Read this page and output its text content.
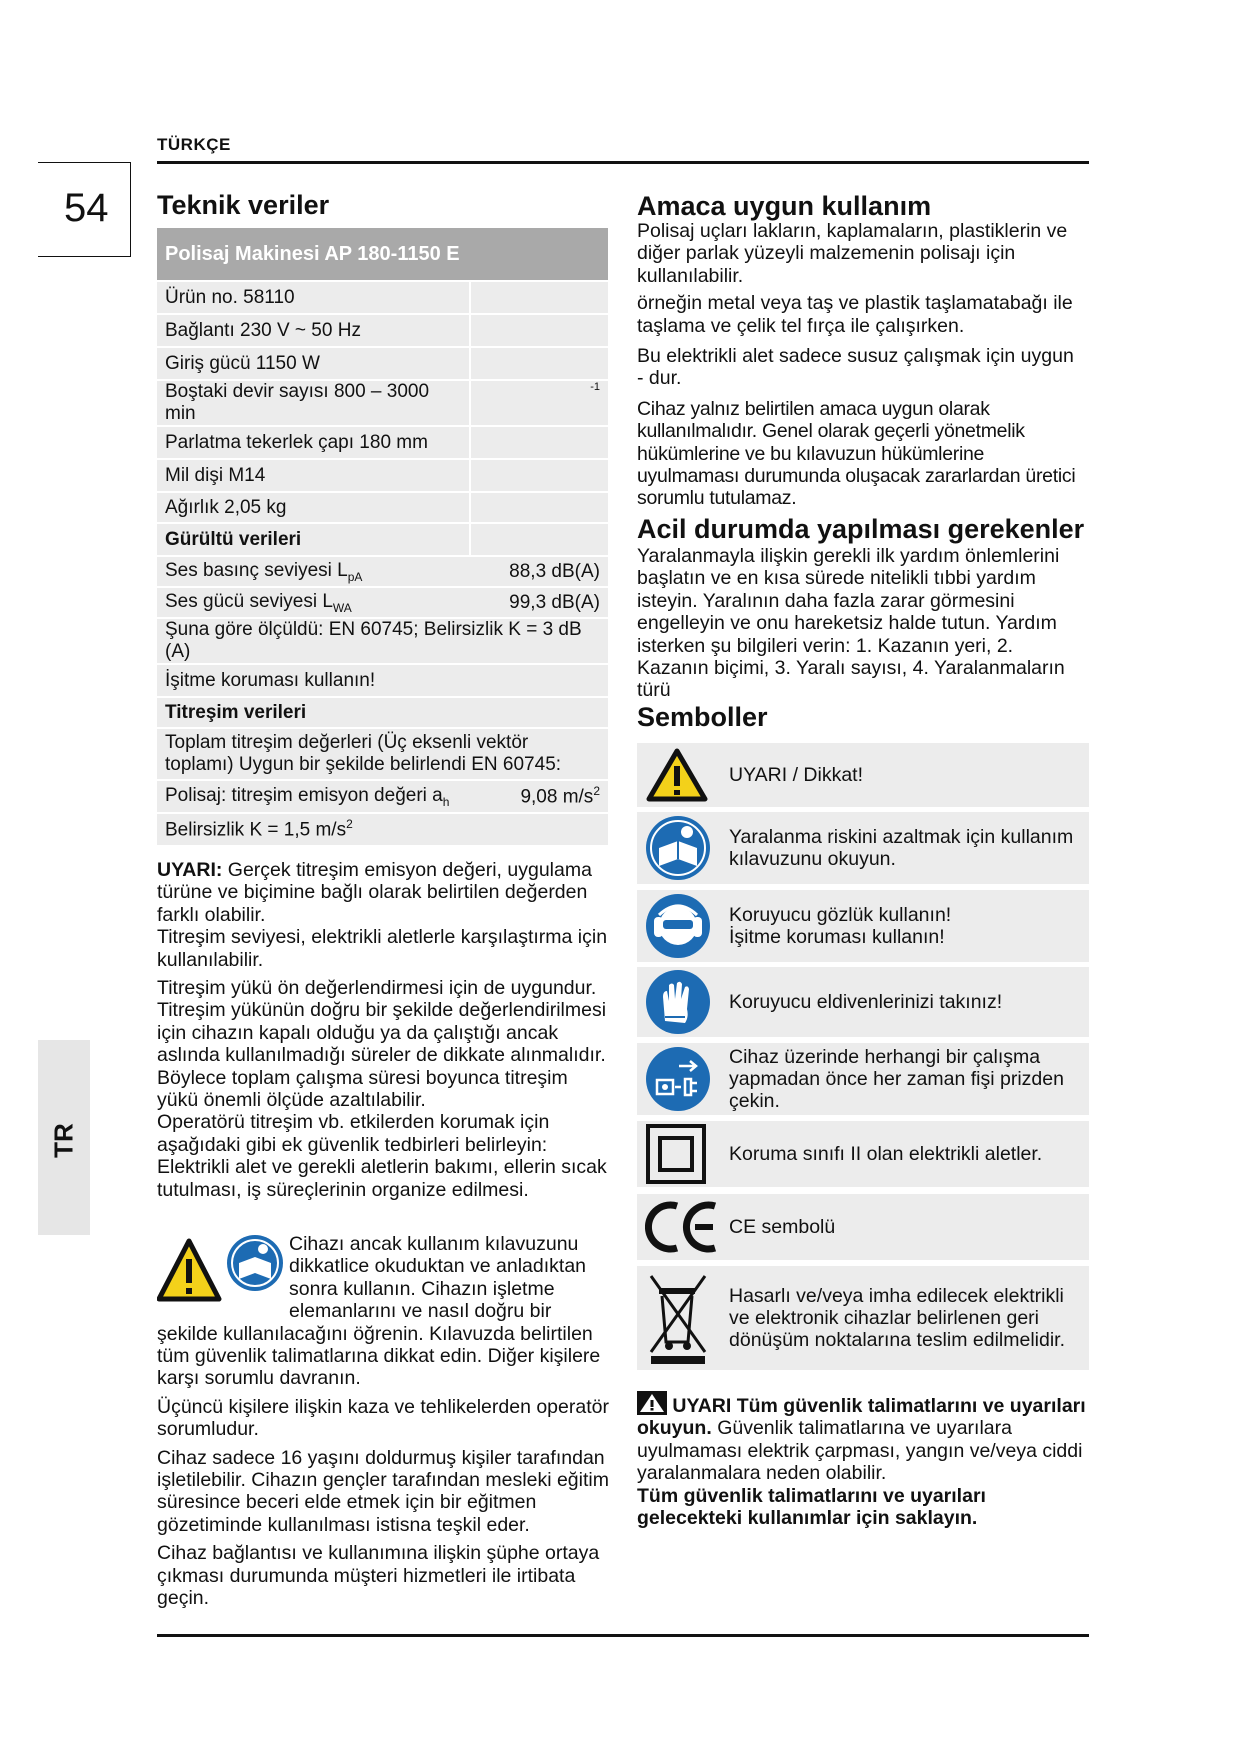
TÜRKÇE
54
TR
Teknik veriler
Polisaj Makinesi AP 180-1150 E	
Ürün no. 58110	
Bağlantı 230 V ~ 50 Hz	
Giriş gücü 1150 W	
Boştaki devir sayısı 800 – 3000 min	-1
Parlatma tekerlek çapı 180 mm	
Mil dişi M14	
Ağırlık 2,05 kg	
Gürültü verileri	
Ses basınç seviyesi $L_{pA}$	88,3 dB(A)
Ses gücü seviyesi $L_{WA}$	99,3 dB(A)
Şuna göre ölçüldü: EN 60745; Belirsizlik K = 3 dB (A)	
İşitme koruması kullanın!	
Titreşim verileri	
Toplam titreşim değerleri (Üç eksenli vektör toplamı) Uygun bir şekilde belirlendi EN 60745:	
Polisaj: titreşim emisyon değeri $a_h$	9,08 $m/s^2$
Belirsizlik K = 1,5 $m/s^2$

UYARI: Gerçek titreşim emisyon değeri, uygulama türüne ve biçimine bağlı olarak belirtilen değerden farklı olabilir.
Titreşim seviyesi, elektrikli aletlerle karşılaştırma için kullanılabilir.

Titreşim yükü ön değerlendirmesi için de uygundur.

Titreşim yükünün doğru bir şekilde değerlendirilmesi için cihazın kapalı olduğu ya da çalıştığı ancak aslında kullanılmadığı süreler de dikkate alınmalıdır. Böylece toplam çalışma süresi boyunca titreşim yükü önemli ölçüde azaltılabilir.

Operatörü titreşim vb. etkilerden korumak için aşağıdaki gibi ek güvenlik tedbirleri belirleyin: Elektrikli alet ve gerekli aletlerin bakımı, ellerin sıcak tutulması, iş süreçlerinin organize edilmesi.

Cihazı ancak kullanım kılavuzunu dikkatlice okuduktan ve anladıktan sonra kullanın. Cihazın işletme elemanlarını ve nasıl doğru bir şekilde kullanılacağını öğrenin. Kılavuzda belirtilen tüm güvenlik talimatlarına dikkat edin. Diğer kişilere karşı sorumlu davranın.

Üçüncü kişilere ilişkin kaza ve tehlikelerden operatör sorumludur.

Cihaz sadece 16 yaşını doldurmuş kişiler tarafından işletilebilir. Cihazın gençler tarafından mesleki eğitim süresince beceri elde etmek için bir eğitmen gözetiminde kullanılması istisna teşkil eder.

Cihaz bağlantısı ve kullanımına ilişkin şüphe ortaya çıkması durumunda müşteri hizmetleri ile irtibata geçin.

Amaca uygun kullanım

Polisaj uçları lakların, kaplamaların, plastiklerin ve diğer parlak yüzeyli malzemenin polisajı için kullanılabilir.

örneğin metal veya taş ve plastik taşlamatabağı ile taşlama ve çelik tel fırça ile çalışırken.

Bu elektrikli alet sadece susuz çalışmak için uygun - dur.

Cihaz yalnız belirtilen amaca uygun olarak kullanılmalıdır. Genel olarak geçerli yönetmelik hükümlerine ve bu kılavuzun hükümlerine uyulmaması durumunda oluşacak zararlardan üretici sorumlu tutulamaz.

Acil durumda yapılması gerekenler

Yaralanmayla ilişkin gerekli ilk yardım önlemlerini başlatın ve en kısa sürede nitelikli tıbbi yardım isteyin. Yaralının daha fazla zarar görmesini engelleyin ve onu hareketsiz halde tutun. Yardım isterken şu bilgileri verin: 1. Kazanın yeri, 2. Kazanın biçimi, 3. Yaralı sayısı, 4. Yaralanmaların türü

Semboller
UYARI / Dikkat!
Yaralanma riskini azaltmak için kullanım kılavuzunu okuyun.
Koruyucu gözlük kullanın! İşitme koruması kullanın!
Koruyucu eldivenlerinizi takınız!
Cihaz üzerinde herhangi bir çalışma yapmadan önce her zaman fişi prizden çekin.
Koruma sınıfı II olan elektrikli aletler.
CE sembolü
Hasarlı ve/veya imha edilecek elektrikli ve elektronik cihazlar belirlenen geri dönüşüm noktalarına teslim edilmelidir.
UYARI Tüm güvenlik talimatlarını ve uyarıları okuyun. Güvenlik talimatlarına ve uyarılara uyulmaması elektrik çarpması, yangın ve/veya ciddi yaralanmalara neden olabilir.
Tüm güvenlik talimatlarını ve uyarıları gelecekteki kullanımlar için saklayın.
